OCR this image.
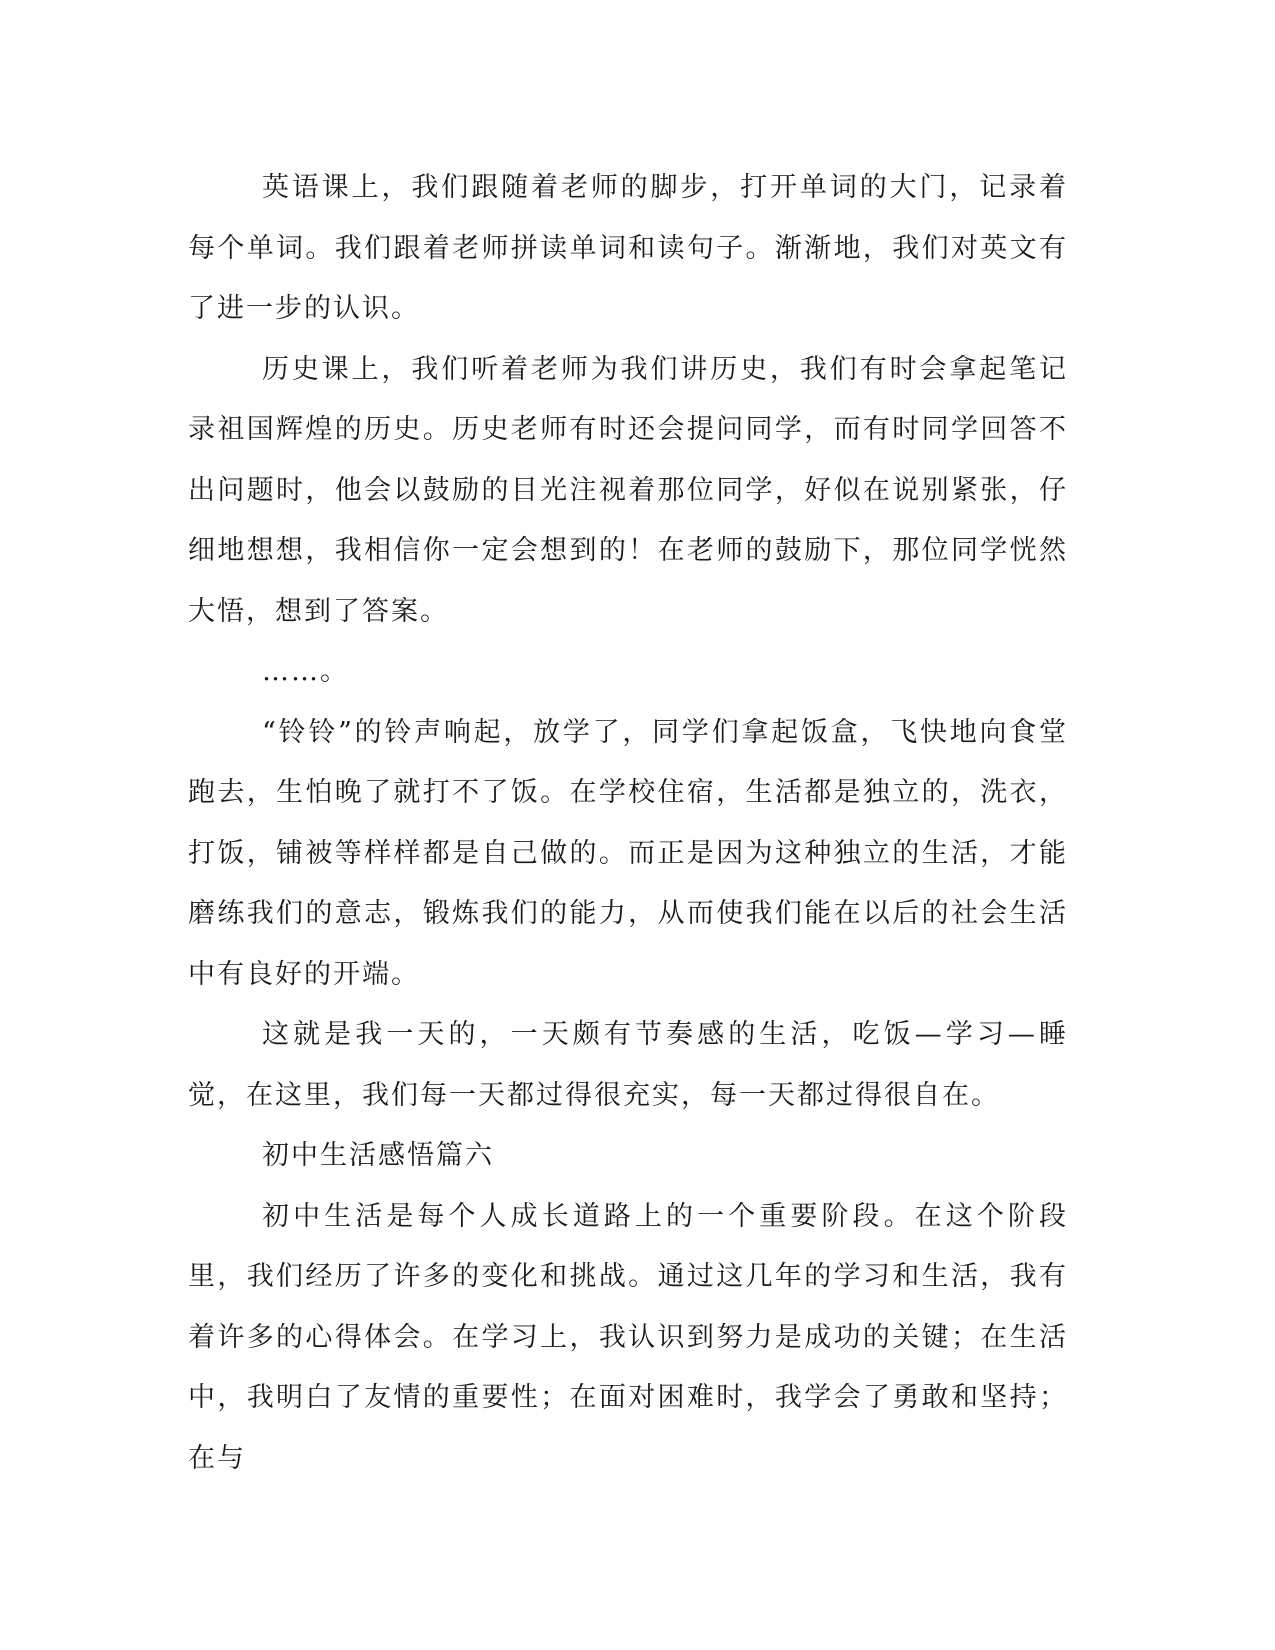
英语课上，我们跟随着老师的脚步，打开单词的大门，记录着每个单词。我们跟着老师拼读单词和读句子。渐渐地，我们对英文有了进一步的认识。

历史课上，我们听着老师为我们讲历史，我们有时会拿起笔记录祖国辉煌的历史。历史老师有时还会提问同学，而有时同学回答不出问题时，他会以鼓励的目光注视着那位同学，好似在说别紧张，仔细地想想，我相信你一定会想到的！在老师的鼓励下，那位同学恍然大悟，想到了答案。

……。

“铃铃”的铃声响起，放学了，同学们拿起饭盒，飞快地向食堂跑去，生怕晚了就打不了饭。在学校住宿，生活都是独立的，洗衣，打饭，铺被等样样都是自己做的。而正是因为这种独立的生活，才能磨练我们的意志，锻炼我们的能力，从而使我们能在以后的社会生活中有良好的开端。

这就是我一天的，一天颇有节奏感的生活，吃饭—学习—睡觉，在这里，我们每一天都过得很充实，每一天都过得很自在。

初中生活感悟篇六

初中生活是每个人成长道路上的一个重要阶段。在这个阶段里，我们经历了许多的变化和挑战。通过这几年的学习和生活，我有着许多的心得体会。在学习上，我认识到努力是成功的关键；在生活中，我明白了友情的重要性；在面对困难时，我学会了勇敢和坚持；在与
